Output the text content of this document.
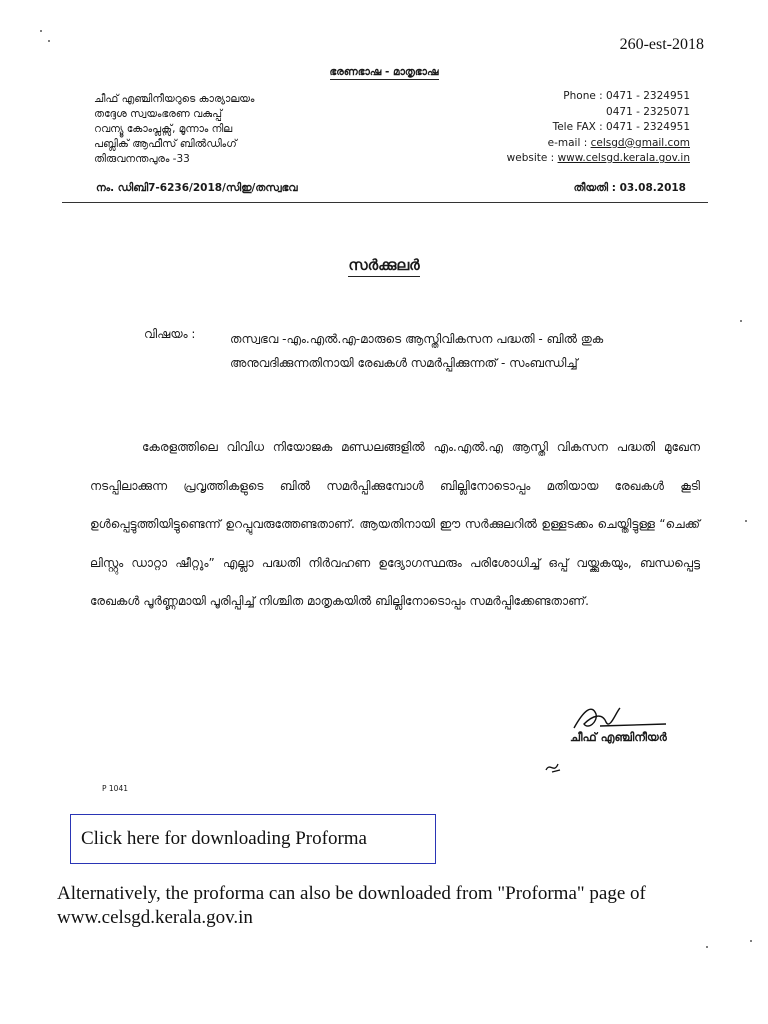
260-est-2018
ഭരണഭാഷ - മാതൃഭാഷ
ചീഫ് എഞ്ചിനീയറുടെ കാര്യാലയം
തദ്ദേശ സ്വയംഭരണ വകുപ്പ്
റവന്യൂ കോംപ്ലക്സ്, മൂന്നാം നില
പബ്ലിക് ആഫീസ് ബിൽഡിംഗ്
തിരുവനന്തപുരം -33
Phone : 0471 - 2324951
0471 - 2325071
Tele FAX : 0471 - 2324951
e-mail : celsgd@gmail.com
website : www.celsgd.kerala.gov.in
നം. ഡിബി7-6236/2018/സിഇ/തസ്വഭവ	തീയതി : 03.08.2018
സർക്കുലർ
വിഷയം :	തസ്വഭവ -എം.എൽ.എ-മാരുടെ ആസ്തിവികസന പദ്ധതി - ബിൽ തുക അനുവദിക്കുന്നതിനായി രേഖകൾ സമർപ്പിക്കുന്നത് - സംബന്ധിച്ച്
കേരളത്തിലെ വിവിധ നിയോജക മണ്ഡലങ്ങളിൽ എം.എൽ.എ ആസ്തി വികസന പദ്ധതി മുഖേന നടപ്പിലാക്കുന്ന പ്രവൃത്തികളുടെ ബിൽ സമർപ്പിക്കുമ്പോൾ ബില്ലിനോടൊപ്പം മതിയായ രേഖകൾ കൂടി ഉൾപ്പെട്ടുത്തിയിട്ടുണ്ടെന്ന് ഉറപ്പുവരുത്തേണ്ടതാണ്. ആയതിനായി ഈ സർക്കുലറിൽ ഉള്ളടക്കം ചെയ്തിട്ടുള്ള “ചെക്ക് ലിസ്റ്റും ഡാറ്റാ ഷീറ്റും” എല്ലാ പദ്ധതി നിർവഹണ ഉദ്യോഗസ്ഥരും പരിശോധിച്ച് ഒപ്പ് വയ്ക്കുകയും, ബന്ധപ്പെട്ട രേഖകൾ പൂർണ്ണമായി പൂരിപ്പിച്ച് നിശ്ചിത മാതൃകയിൽ ബില്ലിനോടൊപ്പം സമർപ്പിക്കേണ്ടതാണ്.
ചീഫ് എഞ്ചിനീയർ
P 1041
Click here for downloading Proforma
Alternatively, the proforma can also be downloaded from "Proforma" page of www.celsgd.kerala.gov.in
